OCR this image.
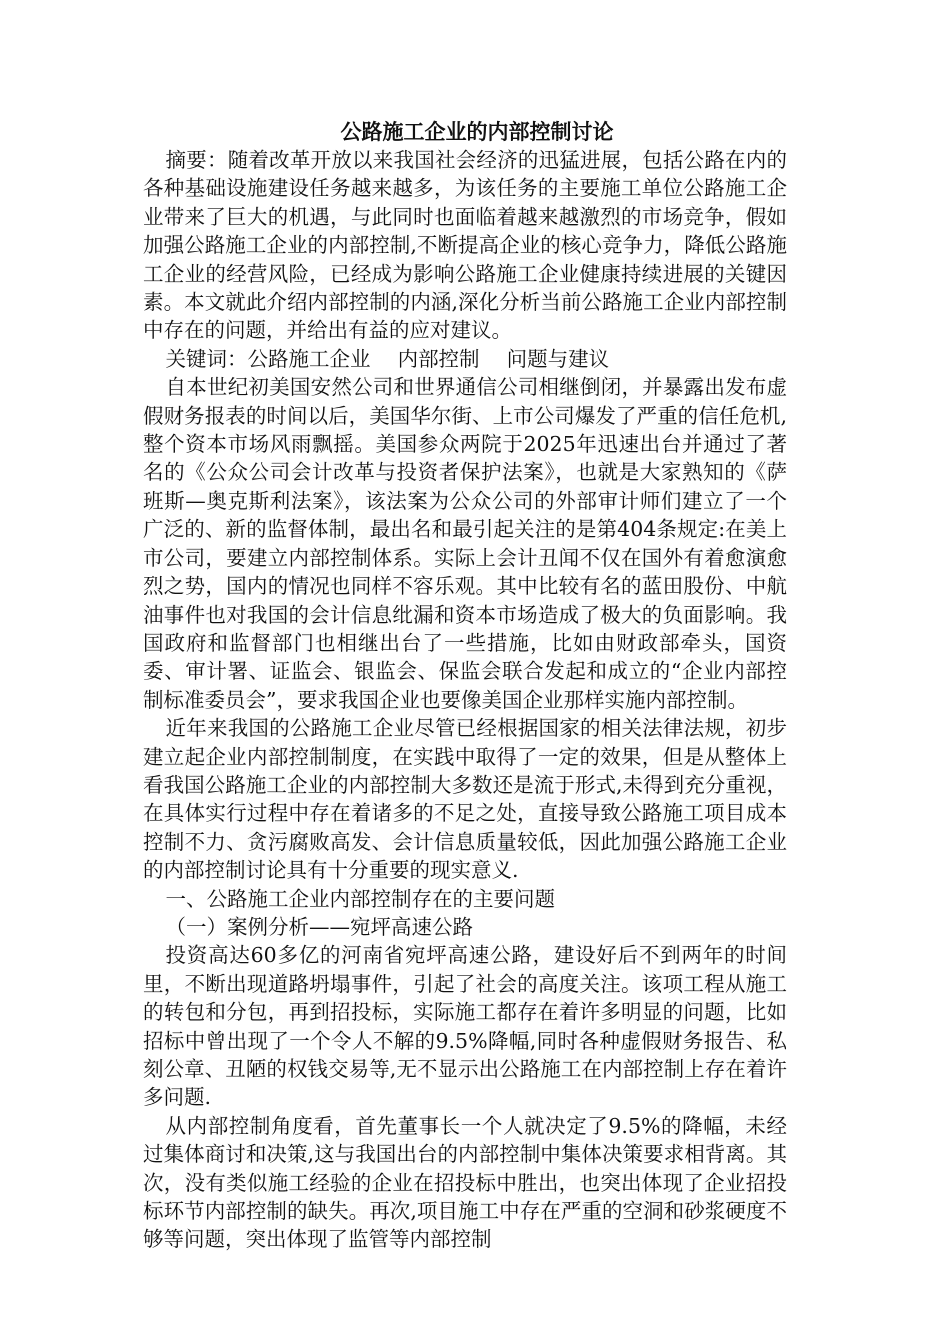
公路施工企业的内部控制讨论

摘要：随着改革开放以来我国社会经济的迅猛进展，包括公路在内的各种基础设施建设任务越来越多，为该任务的主要施工单位公路施工企业带来了巨大的机遇，与此同时也面临着越来越激烈的市场竞争，假如加强公路施工企业的内部控制,不断提高企业的核心竞争力，降低公路施工企业的经营风险，已经成为影响公路施工企业健康持续进展的关键因素。本文就此介绍内部控制的内涵,深化分析当前公路施工企业内部控制中存在的问题，并给出有益的应对建议。

关键词：公路施工企业　 内部控制　 问题与建议

自本世纪初美国安然公司和世界通信公司相继倒闭，并暴露出发布虚假财务报表的时间以后，美国华尔街、上市公司爆发了严重的信任危机,整个资本市场风雨飘摇。美国参众两院于2025年迅速出台并通过了著名的《公众公司会计改革与投资者保护法案》，也就是大家熟知的《萨班斯—奥克斯利法案》，该法案为公众公司的外部审计师们建立了一个广泛的、新的监督体制，最出名和最引起关注的是第404条规定:在美上市公司，要建立内部控制体系。实际上会计丑闻不仅在国外有着愈演愈烈之势，国内的情况也同样不容乐观。其中比较有名的蓝田股份、中航油事件也对我国的会计信息纰漏和资本市场造成了极大的负面影响。我国政府和监督部门也相继出台了一些措施，比如由财政部牵头，国资委、审计署、证监会、银监会、保监会联合发起和成立的“企业内部控制标准委员会”，要求我国企业也要像美国企业那样实施内部控制。

近年来我国的公路施工企业尽管已经根据国家的相关法律法规，初步建立起企业内部控制制度，在实践中取得了一定的效果，但是从整体上看我国公路施工企业的内部控制大多数还是流于形式,未得到充分重视，在具体实行过程中存在着诸多的不足之处，直接导致公路施工项目成本控制不力、贪污腐败高发、会计信息质量较低，因此加强公路施工企业的内部控制讨论具有十分重要的现实意义.

一、公路施工企业内部控制存在的主要问题

（一）案例分析——宛坪高速公路

投资高达60多亿的河南省宛坪高速公路，建设好后不到两年的时间里，不断出现道路坍塌事件，引起了社会的高度关注。该项工程从施工的转包和分包，再到招投标，实际施工都存在着许多明显的问题，比如招标中曾出现了一个令人不解的9.5%降幅,同时各种虚假财务报告、私刻公章、丑陋的权钱交易等,无不显示出公路施工在内部控制上存在着许多问题.

从内部控制角度看，首先董事长一个人就决定了9.5%的降幅，未经过集体商讨和决策,这与我国出台的内部控制中集体决策要求相背离。其次，没有类似施工经验的企业在招投标中胜出，也突出体现了企业招投标环节内部控制的缺失。再次,项目施工中存在严重的空洞和砂浆硬度不够等问题，突出体现了监管等内部控制
